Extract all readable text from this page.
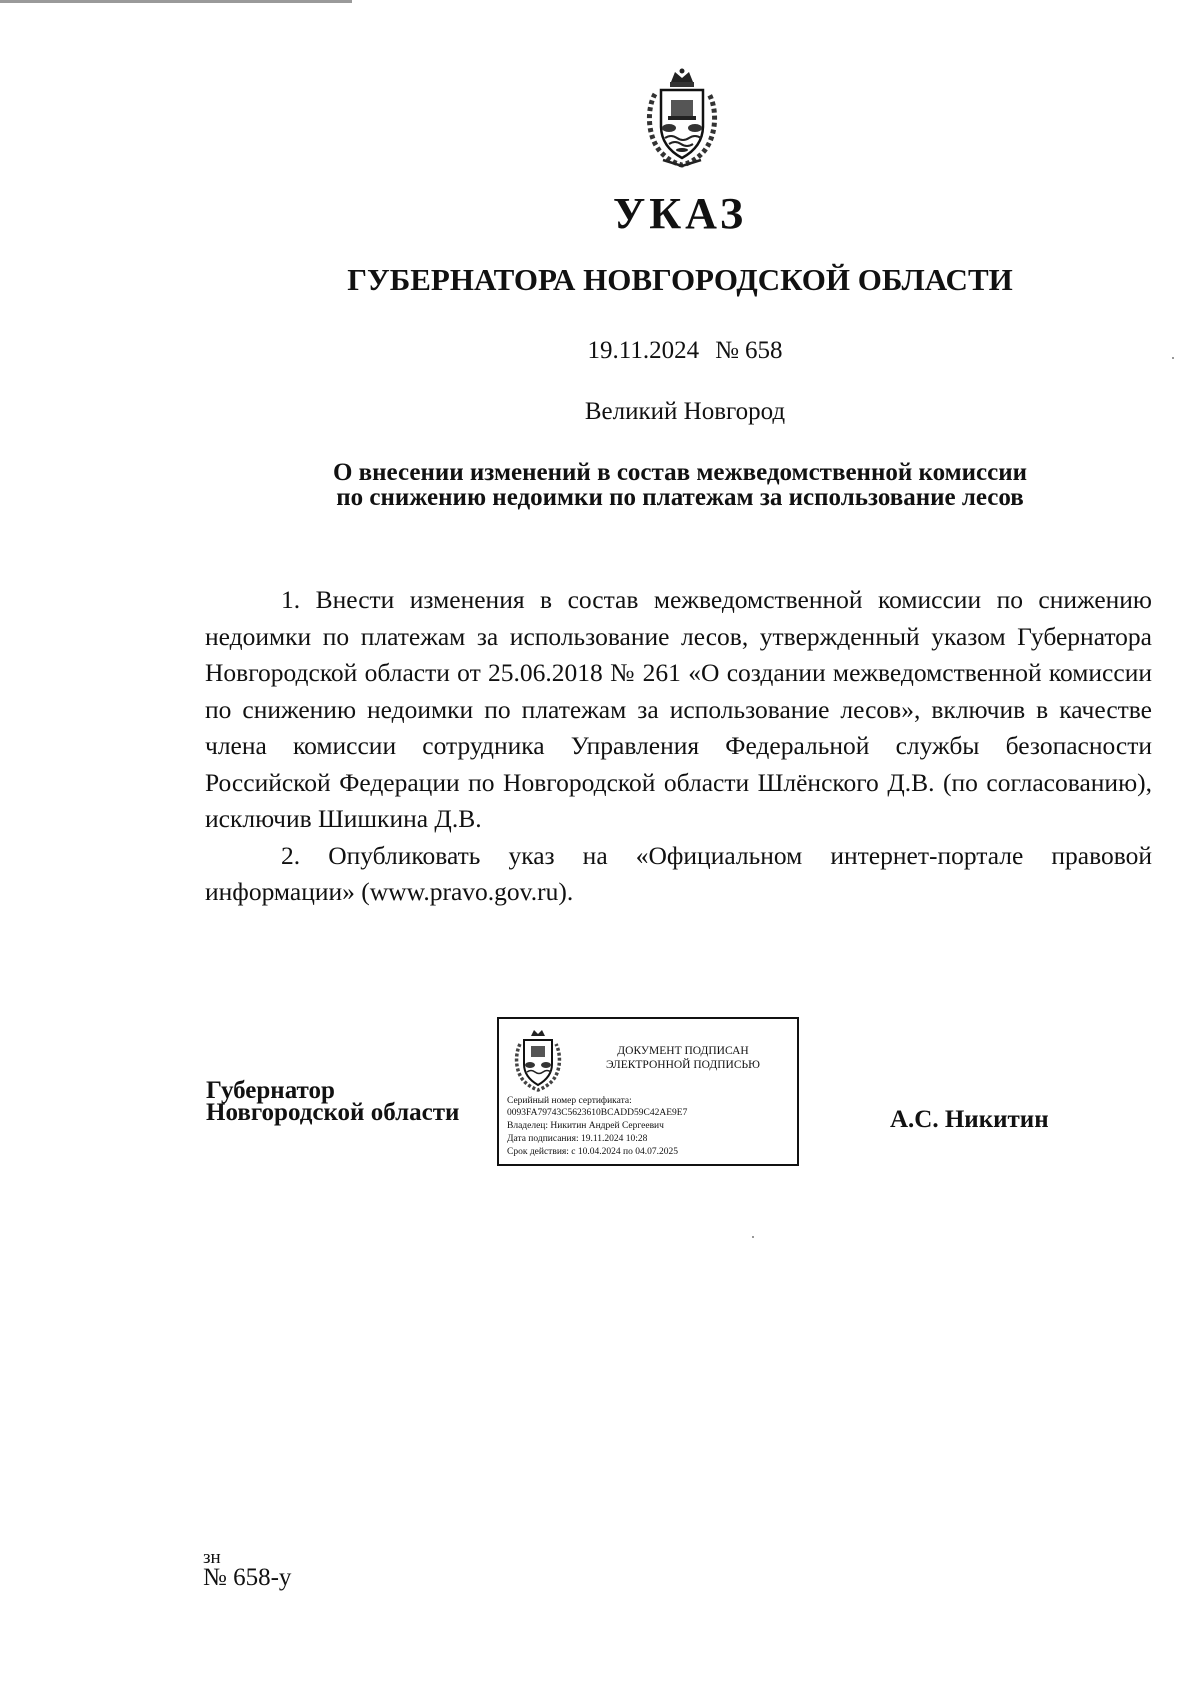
УКАЗ
ГУБЕРНАТОРА НОВГОРОДСКОЙ ОБЛАСТИ
19.11.2024 № 658
Великий Новгород
О внесении изменений в состав межведомственной комиссии
по снижению недоимки по платежам за использование лесов

1. Внести изменения в состав межведомственной комиссии по снижению недоимки по платежам за использование лесов, утвержденный указом Губернатора Новгородской области от 25.06.2018 № 261 «О создании межведомственной комиссии по снижению недоимки по платежам за использование лесов», включив в качестве члена комиссии сотрудника Управления Федеральной службы безопасности Российской Федерации по Новгородской области Шлёнского Д.В. (по согласованию), исключив Шишкина Д.В.

2. Опубликовать указ на «Официальном интернет-портале правовой информации» (www.pravo.gov.ru).

Губернатор
Новгородской области
ДОКУМЕНТ ПОДПИСАН
ЭЛЕКТРОННОЙ ПОДПИСЬЮ
Серийный номер сертификата:
0093FA79743C5623610BCADD59C42AE9E7
Владелец: Никитин Андрей Сергеевич
Дата подписания: 19.11.2024 10:28
Срок действия: с 10.04.2024 по 04.07.2025
А.С. Никитин
зн
№ 658-у
